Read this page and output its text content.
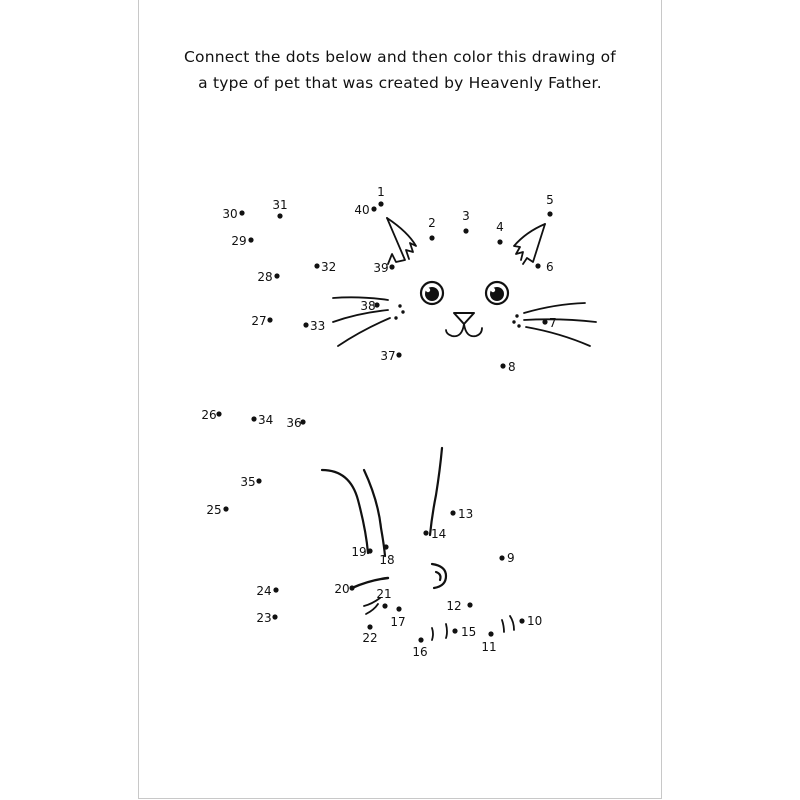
Connect the dots below and then color this drawing of
a type of pet that was created by Heavenly Father.
1
2 3
4
5
6
7
8
9
10
11
12
13
14
15
16
17
18
19
20 21
22
23
24
25
26
27
28
29
30
31
32
33
34
35
36
37
38
39
40
